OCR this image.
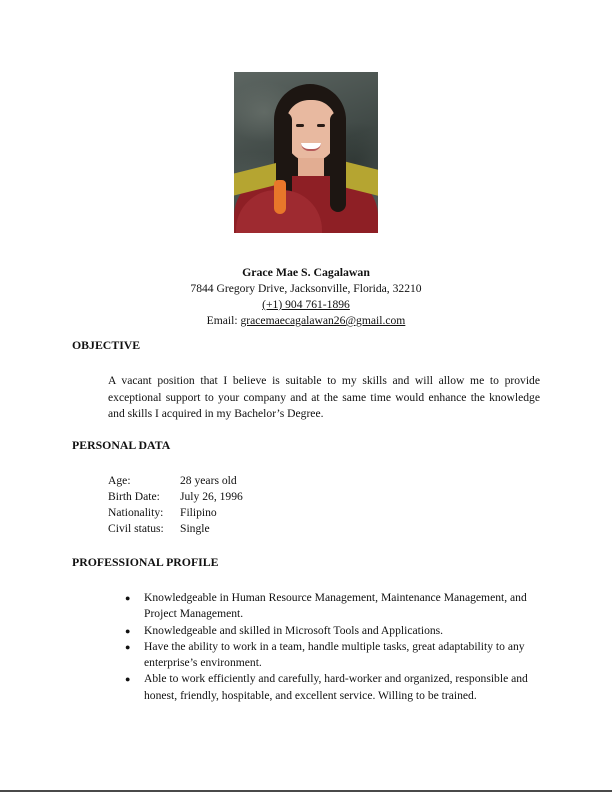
Grace Mae S. Cagalawan
7844 Gregory Drive, Jacksonville, Florida, 32210
(+1) 904 761-1896
Email: gracemaecagalawan26@gmail.com
OBJECTIVE
A vacant position that I believe is suitable to my skills and will allow me to provide exceptional support to your company and at the same time would enhance the knowledge and skills I acquired in my Bachelor’s Degree.
PERSONAL DATA
Age:	28 years old
Birth Date: July 26, 1996
Nationality: Filipino
Civil status: Single
PROFESSIONAL PROFILE
● Knowledgeable in Human Resource Management, Maintenance Management, and Project Management.
● Knowledgeable and skilled in Microsoft Tools and Applications.
● Have the ability to work in a team, handle multiple tasks, great adaptability to any enterprise’s environment.
● Able to work efficiently and carefully, hard-worker and organized, responsible and honest, friendly, hospitable, and excellent service. Willing to be trained.
